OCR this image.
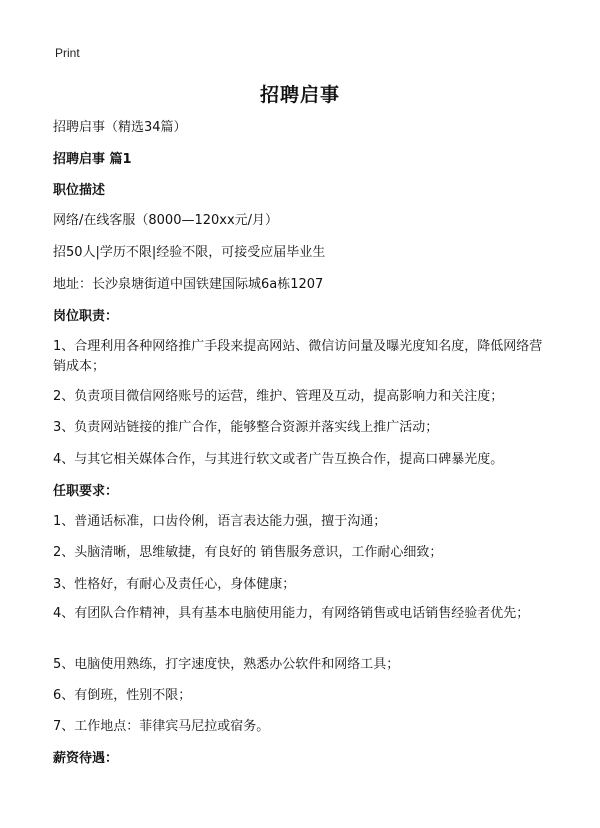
Print
招聘启事
招聘启事（精选34篇）
招聘启事 篇1
职位描述
网络/在线客服（8000—120xx元/月）
招50人|学历不限|经验不限，可接受应届毕业生
地址：长沙泉塘街道中国铁建国际城6a栋1207
岗位职责：
1、合理利用各种网络推广手段来提高网站、微信访问量及曝光度知名度，降低网络营销成本；
2、负责项目微信网络账号的运营，维护、管理及互动，提高影响力和关注度；
3、负责网站链接的推广合作，能够整合资源并落实线上推广活动；
4、与其它相关媒体合作，与其进行软文或者广告互换合作，提高口碑暴光度。
任职要求：
1、普通话标准，口齿伶俐，语言表达能力强，擅于沟通；
2、头脑清晰，思维敏捷，有良好的 销售服务意识，工作耐心细致；
3、性格好，有耐心及责任心，身体健康；
4、有团队合作精神，具有基本电脑使用能力，有网络销售或电话销售经验者优先；
5、电脑使用熟练，打字速度快，熟悉办公软件和网络工具；
6、有倒班，性别不限；
7、工作地点：菲律宾马尼拉或宿务。
薪资待遇：
